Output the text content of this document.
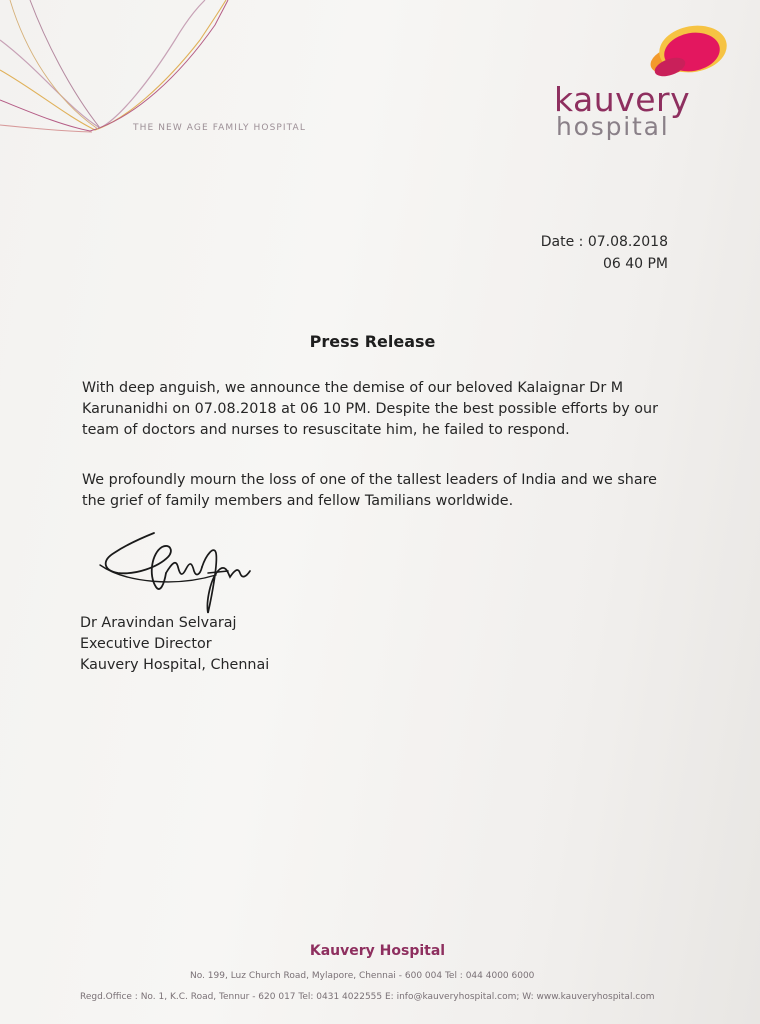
THE NEW AGE FAMILY HOSPITAL
kauvery
hospital
Date : 07.08.2018
06 40 PM
Press Release
With deep anguish, we announce the demise of our beloved Kalaignar Dr M Karunanidhi on 07.08.2018 at 06 10 PM. Despite the best possible efforts by our team of doctors and nurses to resuscitate him, he failed to respond.
We profoundly mourn the loss of one of the tallest leaders of India and we share the grief of family members and fellow Tamilians worldwide.
Dr Aravindan Selvaraj
Executive Director
Kauvery Hospital, Chennai
Kauvery Hospital
No. 199, Luz Church Road, Mylapore, Chennai - 600 004 Tel : 044 4000 6000
Regd.Office : No. 1, K.C. Road, Tennur - 620 017 Tel: 0431 4022555 E: info@kauveryhospital.com; W: www.kauveryhospital.com
